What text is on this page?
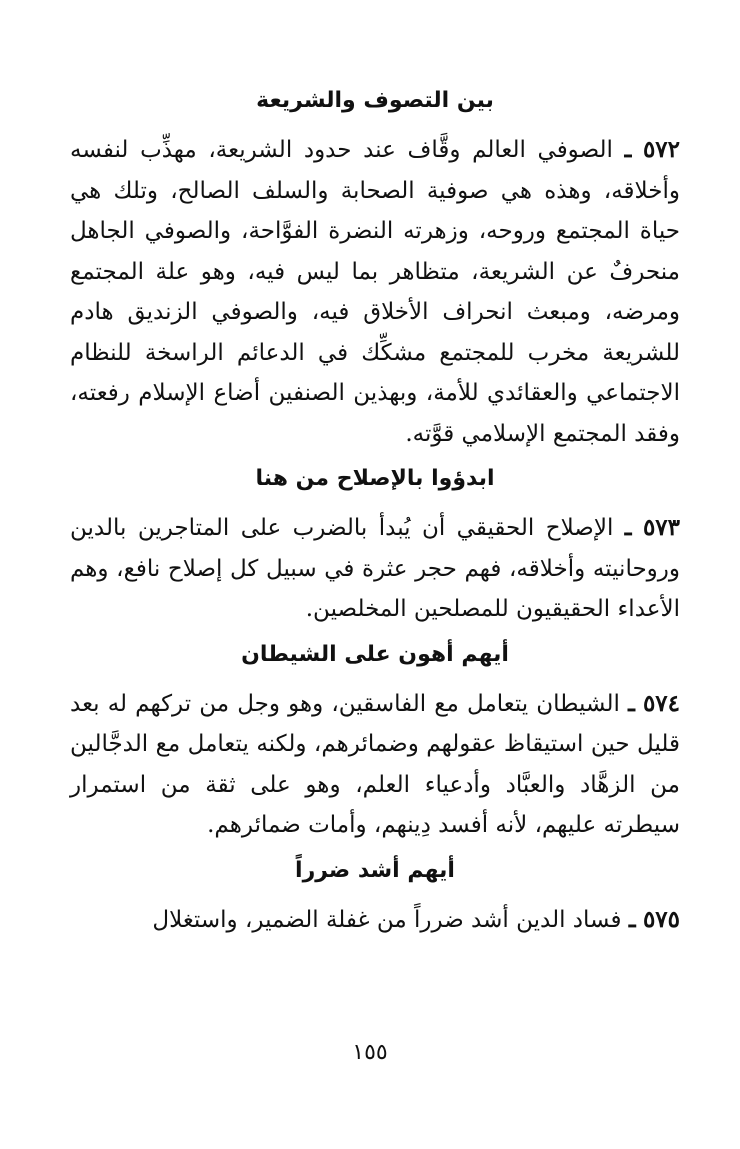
بين التصوف والشريعة

٥٧٢ ـ الصوفي العالم وقَّاف عند حدود الشريعة، مهذِّب لنفسه وأخلاقه، وهذه هي صوفية الصحابة والسلف الصالح، وتلك هي حياة المجتمع وروحه، وزهرته النضرة الفوَّاحة، والصوفي الجاهل منحرفٌ عن الشريعة، متظاهر بما ليس فيه، وهو علة المجتمع ومرضه، ومبعث انحراف الأخلاق فيه، والصوفي الزنديق هادم للشريعة مخرب للمجتمع مشكِّك في الدعائم الراسخة للنظام الاجتماعي والعقائدي للأمة، وبهذين الصنفين أضاع الإسلام رفعته، وفقد المجتمع الإسلامي قوَّته.

ابدؤوا بالإصلاح من هنا

٥٧٣ ـ الإصلاح الحقيقي أن يُبدأ بالضرب على المتاجرين بالدين وروحانيته وأخلاقه، فهم حجر عثرة في سبيل كل إصلاح نافع، وهم الأعداء الحقيقيون للمصلحين المخلصين.

أيهم أهون على الشيطان

٥٧٤ ـ الشيطان يتعامل مع الفاسقين، وهو وجل من تركهم له بعد قليل حين استيقاظ عقولهم وضمائرهم، ولكنه يتعامل مع الدجَّالين من الزهَّاد والعبَّاد وأدعياء العلم، وهو على ثقة من استمرار سيطرته عليهم، لأنه أفسد دِينهم، وأمات ضمائرهم.

أيهم أشد ضرراً

٥٧٥ ـ فساد الدين أشد ضرراً من غفلة الضمير، واستغلال

١٥٥
